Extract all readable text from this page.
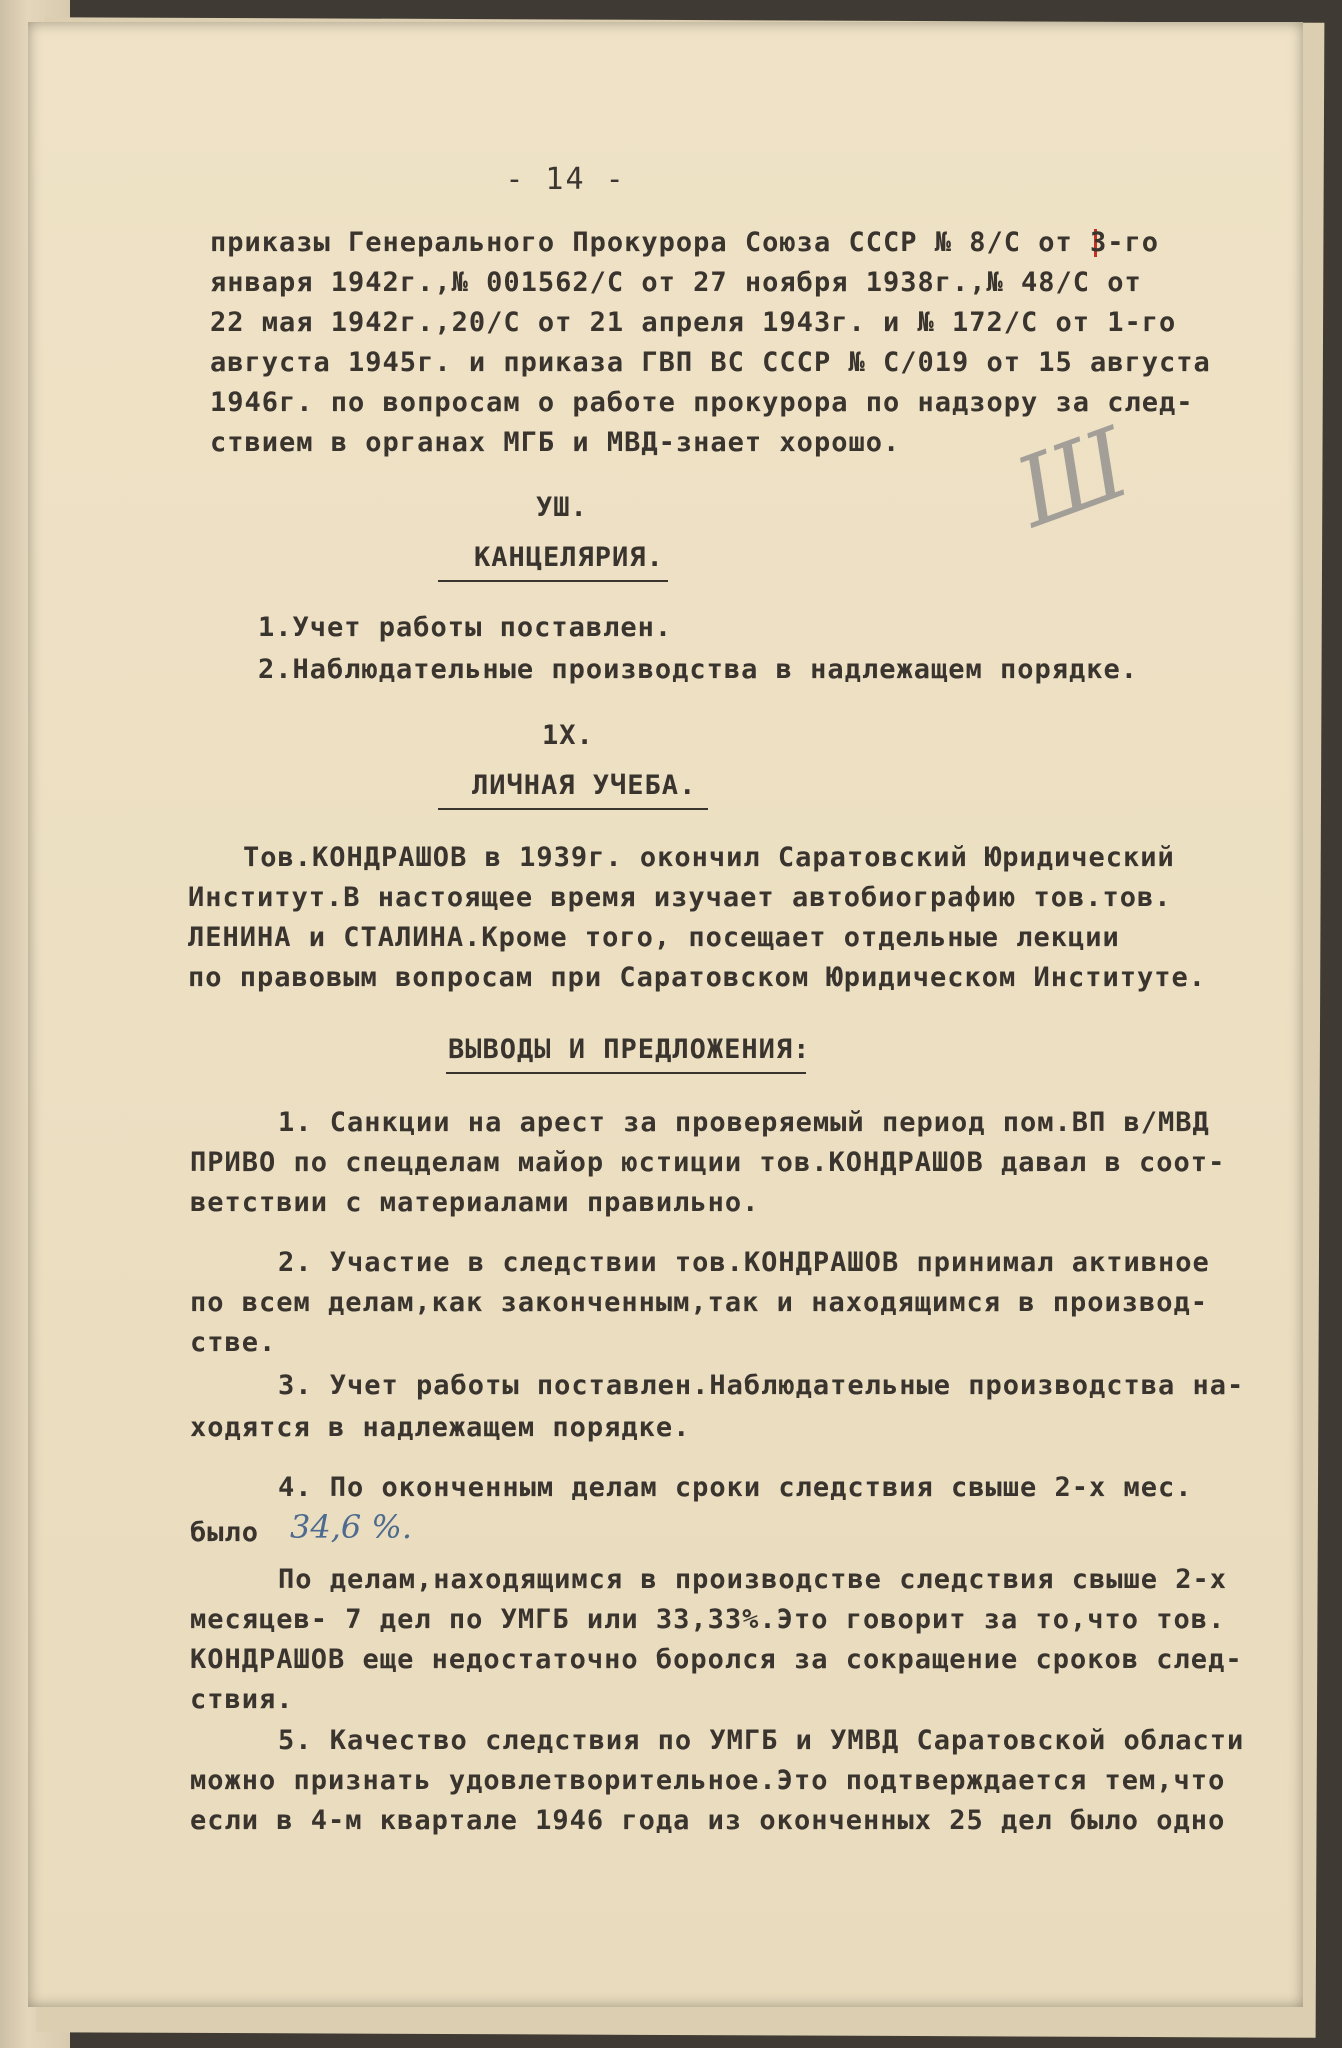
- 14 -
приказы Генерального Прокурора Союза СССР № 8/С от 3-го
января 1942г.,№ 001562/С от 27 ноября 1938г.,№ 48/С от
22 мая 1942г.,20/С от 21 апреля 1943г. и № 172/С от 1-го
августа 1945г. и приказа ГВП ВС СССР № С/019 от 15 августа
1946г. по вопросам о работе прокурора по надзору за след-
ствием в органах МГБ и МВД-знает хорошо. Ш
УШ.
КАНЦЕЛЯРИЯ.
1.Учет работы поставлен.
2.Наблюдательные производства в надлежащем порядке.
1Х.
ЛИЧНАЯ УЧЕБА.
Тов.КОНДРАШОВ в 1939г. окончил Саратовский Юридический
Институт.В настоящее время изучает автобиографию тов.тов.
ЛЕНИНА и СТАЛИНА.Кроме того, посещает отдельные лекции
по правовым вопросам при Саратовском Юридическом Институте.
ВЫВОДЫ И ПРЕДЛОЖЕНИЯ:
1. Санкции на арест за проверяемый период пом.ВП в/МВД
ПРИВО по спецделам майор юстиции тов.КОНДРАШОВ давал в соот-
ветствии с материалами правильно.
2. Участие в следствии тов.КОНДРАШОВ принимал активное
по всем делам,как законченным,так и находящимся в производ-
стве.
3. Учет работы поставлен.Наблюдательные производства на-
ходятся в надлежащем порядке.
4. По оконченным делам сроки следствия свыше 2-х мес.
было 34,6 %.
По делам,находящимся в производстве следствия свыше 2-х
месяцев- 7 дел по УМГБ или 33,33%.Это говорит за то,что тов.
КОНДРАШОВ еще недостаточно боролся за сокращение сроков след-
ствия.
5. Качество следствия по УМГБ и УМВД Саратовской области
можно признать удовлетворительное.Это подтверждается тем,что
если в 4-м квартале 1946 года из оконченных 25 дел было одно
